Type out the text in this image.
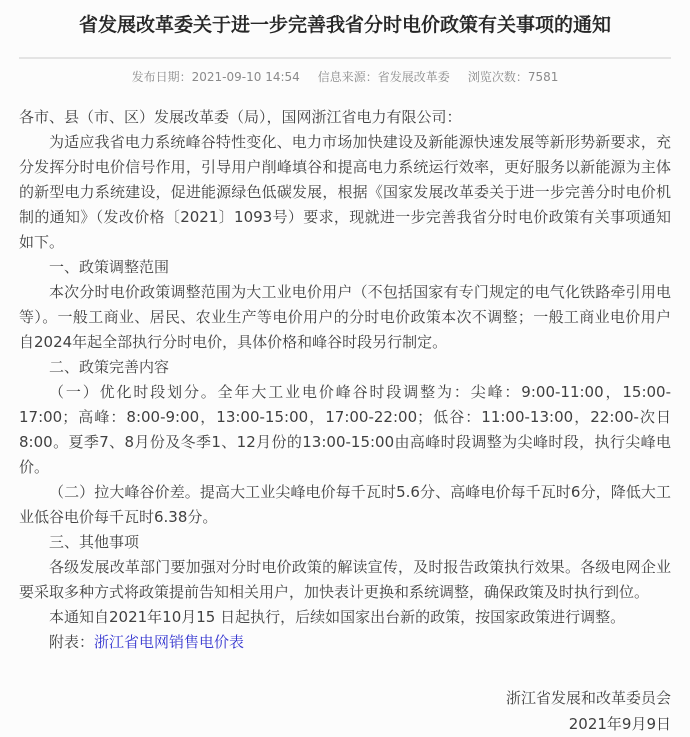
省发展改革委关于进一步完善我省分时电价政策有关事项的通知
发布日期：2021-09-10 14:54 信息来源：省发展改革委 浏览次数：7581

各市、县（市、区）发展改革委（局），国网浙江省电力有限公司：

为适应我省电力系统峰谷特性变化、电力市场加快建设及新能源快速发展等新形势新要求，充分发挥分时电价信号作用，引导用户削峰填谷和提高电力系统运行效率，更好服务以新能源为主体的新型电力系统建设，促进能源绿色低碳发展，根据《国家发展改革委关于进一步完善分时电价机制的通知》（发改价格〔2021〕1093号）要求，现就进一步完善我省分时电价政策有关事项通知如下。

一、政策调整范围

本次分时电价政策调整范围为大工业电价用户（不包括国家有专门规定的电气化铁路牵引用电等）。一般工商业、居民、农业生产等电价用户的分时电价政策本次不调整；一般工商业电价用户自2024年起全部执行分时电价，具体价格和峰谷时段另行制定。

二、政策完善内容

（一）优化时段划分。全年大工业电价峰谷时段调整为：尖峰：9:00-11:00，15:00-17:00；高峰：8:00-9:00，13:00-15:00，17:00-22:00；低谷：11:00-13:00，22:00-次日8:00。夏季7、8月份及冬季1、12月份的13:00-15:00由高峰时段调整为尖峰时段，执行尖峰电价。

（二）拉大峰谷价差。提高大工业尖峰电价每千瓦时5.6分、高峰电价每千瓦时6分，降低大工业低谷电价每千瓦时6.38分。

三、其他事项

各级发展改革部门要加强对分时电价政策的解读宣传，及时报告政策执行效果。各级电网企业要采取多种方式将政策提前告知相关用户，加快表计更换和系统调整，确保政策及时执行到位。

本通知自2021年10月15 日起执行，后续如国家出台新的政策，按国家政策进行调整。

附表：浙江省电网销售电价表

浙江省发展和改革委员会

2021年9月9日
